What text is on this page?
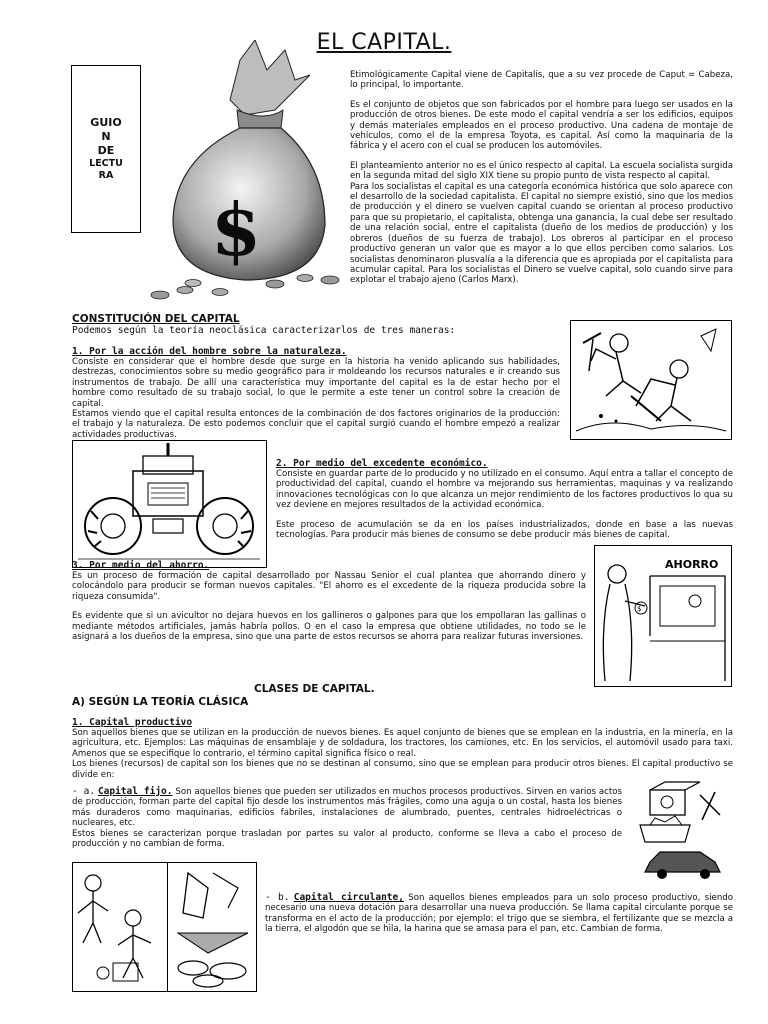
EL CAPITAL.
GUIO
N
DE
LECTU
RA
$

Etimológicamente Capital viene de Capitalis, que a su vez procede de Caput = Cabeza, lo principal, lo importante.

Es el conjunto de objetos que son fabricados por el hombre para luego ser usados en la producción de otros bienes. De este modo el capital vendría a ser los edificios, equipos y demás materiales empleados en el proceso productivo. Una cadena de montaje de vehículos, como el de la empresa Toyota, es capital. Así como la maquinaria de la fábrica y el acero con el cual se producen los automóviles.

El planteamiento anterior no es el único respecto al capital. La escuela socialista surgida en la segunda mitad del siglo XIX tiene su propio punto de vista respecto al capital.

Para los socialistas el capital es una categoría económica histórica que solo aparece con el desarrollo de la sociedad capitalista. El capital no siempre existió, sino que los medios de producción y el dinero se vuelven capital cuando se orientan al proceso productivo para que su propietario, el capitalista, obtenga una ganancia, la cual debe ser resultado de una relación social, entre el capitalista (dueño de los medios de producción) y los obreros (dueños de su fuerza de trabajo). Los obreros al participar en el proceso productivo generan un valor que es mayor a lo que ellos perciben como salarios. Los socialistas denominaron plusvalía a la diferencia que es apropiada por el capitalista para acumular capital. Para los socialistas el Dinero se vuelve capital, solo cuando sirve para explotar el trabajo ajeno (Carlos Marx).

CONSTITUCIÓN DEL CAPITAL
Podemos según la teoría neoclásica caracterizarlos de tres maneras:
1. Por la acción del hombre sobre la naturaleza.

Consiste en considerar que el hombre desde que surge en la historia ha venido aplicando sus habilidades, destrezas, conocimientos sobre su medio geográfico para ir moldeando los recursos naturales e ir creando sus instrumentos de trabajo. De allí una característica muy importante del capital es la de estar hecho por el hombre como resultado de su trabajo social, lo que le permite a este tener un control sobre la creación de capital.

Estamos viendo que el capital resulta entonces de la combinación de dos factores originarios de la producción: el trabajo y la naturaleza. De esto podemos concluir que el capital surgió cuando el hombre empezó a realizar actividades productivas.

2. Por medio del excedente económico.

Consiste en guardar parte de lo producido y no utilizado en el consumo. Aquí entra a tallar el concepto de productividad del capital, cuando el hombre va mejorando sus herramientas, maquinas y va realizando innovaciones tecnológicas con lo que alcanza un mejor rendimiento de los factores productivos lo qua su vez deviene en mejores resultados de la actividad económica.

Este proceso de acumulación se da en los países industrializados, donde en base a las nuevas tecnologías. Para producir más bienes de consumo se debe producir más bienes de capital.

AHORRO
$
3. Por medio del ahorro.

Es un proceso de formación de capital desarrollado por Nassau Senior el cual plantea que ahorrando dinero y colocándolo para producir se forman nuevos capitales. "El ahorro es el excedente de la riqueza producida sobre la riqueza consumida".

Es evidente que si un avicultor no dejara huevos en los gallineros o galpones para que los empollaran las gallinas o mediante métodos artificiales, jamás habría pollos. O en el caso la empresa que obtiene utilidades, no todo se le asignará a los dueños de la empresa, sino que una parte de estos recursos se ahorra para realizar futuras inversiones.

CLASES DE CAPITAL.
A) SEGÚN LA TEORÍA CLÁSICA
1. Capital productivo

Son aquellos bienes que se utilizan en la producción de nuevos bienes. Es aquel conjunto de bienes que se emplean en la industria, en la minería, en la agricultura, etc. Ejemplos: Las máquinas de ensamblaje y de soldadura, los tractores, los camiones, etc. En los servicios, el automóvil usado para taxi. Amenos que se especifique lo contrario, el término capital significa físico o real.

Los bienes (recursos) de capital son los bienes que no se destinan al consumo, sino que se emplean para producir otros bienes. El capital productivo se divide en:

- a. Capital fijo. Son aquellos bienes que pueden ser utilizados en muchos procesos productivos. Sirven en varios actos de producción, forman parte del capital fijo desde los instrumentos más frágiles, como una aguja o un costal, hasta los bienes más duraderos como maquinarias, edificios fabriles, instalaciones de alumbrado, puentes, centrales hidroeléctricas o nucleares, etc.

Estos bienes se caracterizan porque trasladan por partes su valor al producto, conforme se lleva a cabo el proceso de producción y no cambian de forma.

- b. Capital circulante, Son aquellos bienes empleados para un solo proceso productivo, siendo necesario una nueva dotación para desarrollar una nueva producción. Se llama capital circulante porque se transforma en el acto de la producción; por ejemplo: el trigo que se siembra, el fertilizante que se mezcla a la tierra, el algodón que se hila, la harina que se amasa para el pan, etc. Cambian de forma.
